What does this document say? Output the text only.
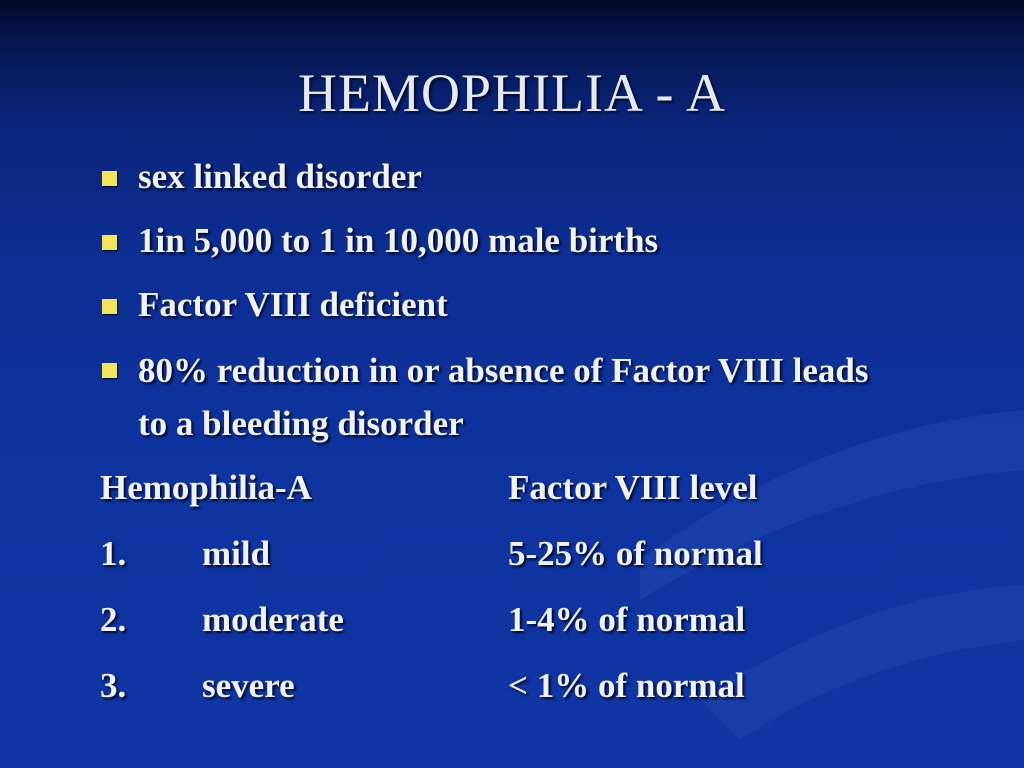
HEMOPHILIA - A
sex linked disorder
1in 5,000 to 1 in 10,000 male births
Factor VIII deficient
80% reduction in or absence of Factor VIII leads to a bleeding disorder
Hemophilia-A	Factor VIII level
1. mild	5-25% of normal
2. moderate	1-4% of normal
3. severe	< 1% of normal
